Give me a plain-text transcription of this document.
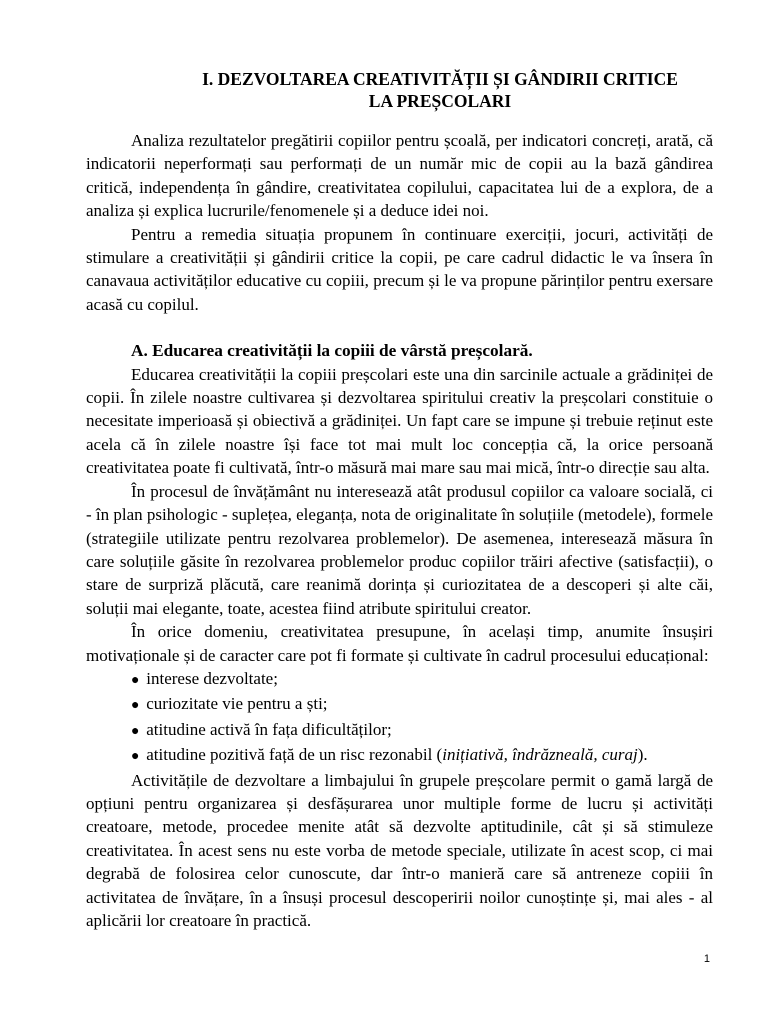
I. DEZVOLTAREA CREATIVITĂȚII ȘI GÂNDIRII CRITICE
LA PREȘCOLARI

Analiza rezultatelor pregătirii copiilor pentru școală, per indicatori concreți, arată, că indicatorii neperformați sau performați de un număr mic de copii au la bază gândirea critică, independența în gândire, creativitatea copilului, capacitatea lui de a explora, de a analiza și explica lucrurile/fenomenele și a deduce idei noi.

Pentru a remedia situația propunem în continuare exerciții, jocuri, activități de stimulare a creativității și gândirii critice la copii, pe care cadrul didactic le va însera în canavaua activităților educative cu copiii, precum și le va propune părinților pentru exersare acasă cu copilul.

A. Educarea creativității la copiii de vârstă preșcolară.

Educarea creativității la copiii preșcolari este una din sarcinile actuale a grădiniței de copii. În zilele noastre cultivarea și dezvoltarea spiritului creativ la preșcolari constituie o necesitate imperioasă și obiectivă a grădiniței. Un fapt care se impune și trebuie reținut este acela că în zilele noastre își face tot mai mult loc concepția că, la orice persoană creativitatea poate fi cultivată, într-o măsură mai mare sau mai mică, într-o direcție sau alta.

În procesul de învățământ nu interesează atât produsul copiilor ca valoare socială, ci - în plan psihologic - suplețea, eleganța, nota de originalitate în soluțiile (metodele), formele (strategiile utilizate pentru rezolvarea problemelor). De asemenea, interesează măsura în care soluțiile găsite în rezolvarea problemelor produc copiilor trăiri afective (satisfacții), o stare de surpriză plăcută, care reanimă dorința și curiozitatea de a descoperi și alte căi, soluții mai elegante, toate, acestea fiind atribute spiritului creator.

În orice domeniu, creativitatea presupune, în același timp, anumite însușiri motivaționale și de caracter care pot fi formate și cultivate în cadrul procesului educațional:

● interese dezvoltate;
● curiozitate vie pentru a ști;
● atitudine activă în fața dificultăților;
● atitudine pozitivă față de un risc rezonabil (inițiativă, îndrăzneală, curaj).

Activitățile de dezvoltare a limbajului în grupele preșcolare permit o gamă largă de opțiuni pentru organizarea și desfășurarea unor multiple forme de lucru și activități creatoare, metode, procedee menite atât să dezvolte aptitudinile, cât și să stimuleze creativitatea. În acest sens nu este vorba de metode speciale, utilizate în acest scop, ci mai degrabă de folosirea celor cunoscute, dar într-o manieră care să antreneze copiii în activitatea de învățare, în a însuși procesul descoperirii noilor cunoștințe și, mai ales - al aplicării lor creatoare în practică.

1
